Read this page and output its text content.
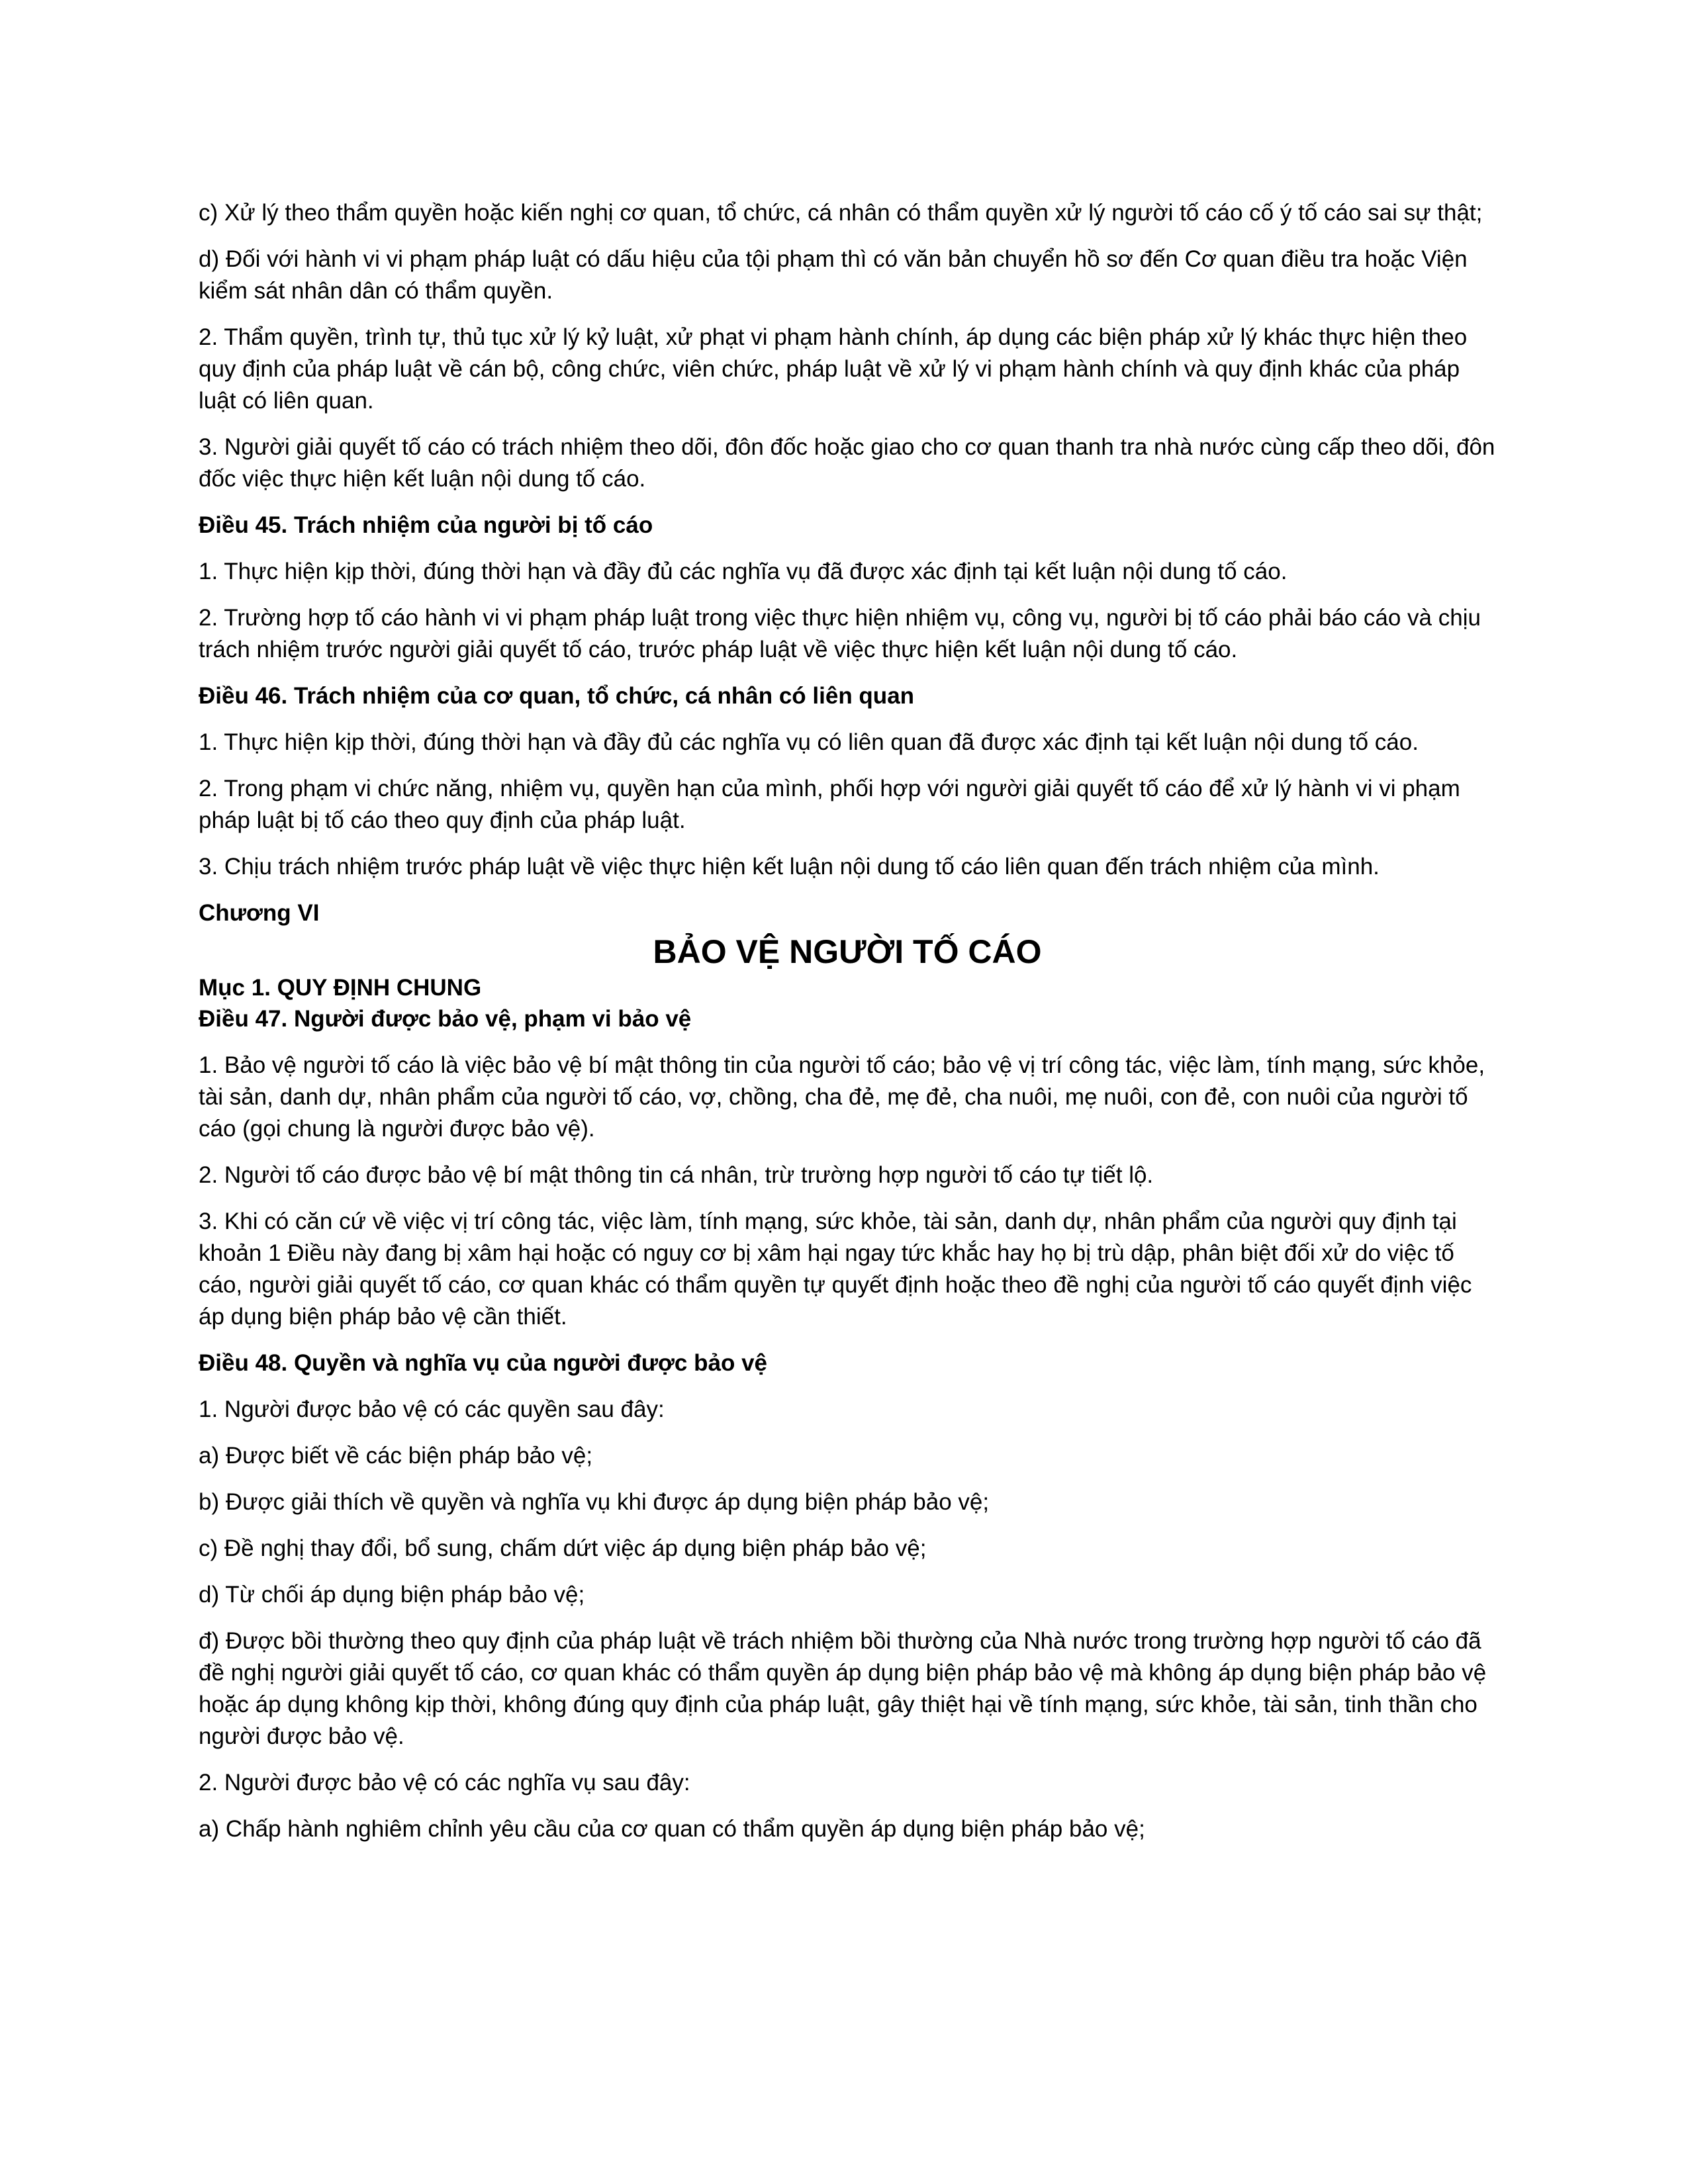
c) Xử lý theo thẩm quyền hoặc kiến nghị cơ quan, tổ chức, cá nhân có thẩm quyền xử lý người tố cáo cố ý tố cáo sai sự thật;

d) Đối với hành vi vi phạm pháp luật có dấu hiệu của tội phạm thì có văn bản chuyển hồ sơ đến Cơ quan điều tra hoặc Viện kiểm sát nhân dân có thẩm quyền.

2. Thẩm quyền, trình tự, thủ tục xử lý kỷ luật, xử phạt vi phạm hành chính, áp dụng các biện pháp xử lý khác thực hiện theo quy định của pháp luật về cán bộ, công chức, viên chức, pháp luật về xử lý vi phạm hành chính và quy định khác của pháp luật có liên quan.

3. Người giải quyết tố cáo có trách nhiệm theo dõi, đôn đốc hoặc giao cho cơ quan thanh tra nhà nước cùng cấp theo dõi, đôn đốc việc thực hiện kết luận nội dung tố cáo.

Điều 45. Trách nhiệm của người bị tố cáo

1. Thực hiện kịp thời, đúng thời hạn và đầy đủ các nghĩa vụ đã được xác định tại kết luận nội dung tố cáo.

2. Trường hợp tố cáo hành vi vi phạm pháp luật trong việc thực hiện nhiệm vụ, công vụ, người bị tố cáo phải báo cáo và chịu trách nhiệm trước người giải quyết tố cáo, trước pháp luật về việc thực hiện kết luận nội dung tố cáo.

Điều 46. Trách nhiệm của cơ quan, tổ chức, cá nhân có liên quan

1. Thực hiện kịp thời, đúng thời hạn và đầy đủ các nghĩa vụ có liên quan đã được xác định tại kết luận nội dung tố cáo.

2. Trong phạm vi chức năng, nhiệm vụ, quyền hạn của mình, phối hợp với người giải quyết tố cáo để xử lý hành vi vi phạm pháp luật bị tố cáo theo quy định của pháp luật.

3. Chịu trách nhiệm trước pháp luật về việc thực hiện kết luận nội dung tố cáo liên quan đến trách nhiệm của mình.

Chương VI

BẢO VỆ NGƯỜI TỐ CÁO

Mục 1. QUY ĐỊNH CHUNG

Điều 47. Người được bảo vệ, phạm vi bảo vệ

1. Bảo vệ người tố cáo là việc bảo vệ bí mật thông tin của người tố cáo; bảo vệ vị trí công tác, việc làm, tính mạng, sức khỏe, tài sản, danh dự, nhân phẩm của người tố cáo, vợ, chồng, cha đẻ, mẹ đẻ, cha nuôi, mẹ nuôi, con đẻ, con nuôi của người tố cáo (gọi chung là người được bảo vệ).

2. Người tố cáo được bảo vệ bí mật thông tin cá nhân, trừ trường hợp người tố cáo tự tiết lộ.

3. Khi có căn cứ về việc vị trí công tác, việc làm, tính mạng, sức khỏe, tài sản, danh dự, nhân phẩm của người quy định tại khoản 1 Điều này đang bị xâm hại hoặc có nguy cơ bị xâm hại ngay tức khắc hay họ bị trù dập, phân biệt đối xử do việc tố cáo, người giải quyết tố cáo, cơ quan khác có thẩm quyền tự quyết định hoặc theo đề nghị của người tố cáo quyết định việc áp dụng biện pháp bảo vệ cần thiết.

Điều 48. Quyền và nghĩa vụ của người được bảo vệ

1. Người được bảo vệ có các quyền sau đây:

a) Được biết về các biện pháp bảo vệ;

b) Được giải thích về quyền và nghĩa vụ khi được áp dụng biện pháp bảo vệ;

c) Đề nghị thay đổi, bổ sung, chấm dứt việc áp dụng biện pháp bảo vệ;

d) Từ chối áp dụng biện pháp bảo vệ;

đ) Được bồi thường theo quy định của pháp luật về trách nhiệm bồi thường của Nhà nước trong trường hợp người tố cáo đã đề nghị người giải quyết tố cáo, cơ quan khác có thẩm quyền áp dụng biện pháp bảo vệ mà không áp dụng biện pháp bảo vệ hoặc áp dụng không kịp thời, không đúng quy định của pháp luật, gây thiệt hại về tính mạng, sức khỏe, tài sản, tinh thần cho người được bảo vệ.

2. Người được bảo vệ có các nghĩa vụ sau đây:

a) Chấp hành nghiêm chỉnh yêu cầu của cơ quan có thẩm quyền áp dụng biện pháp bảo vệ;
